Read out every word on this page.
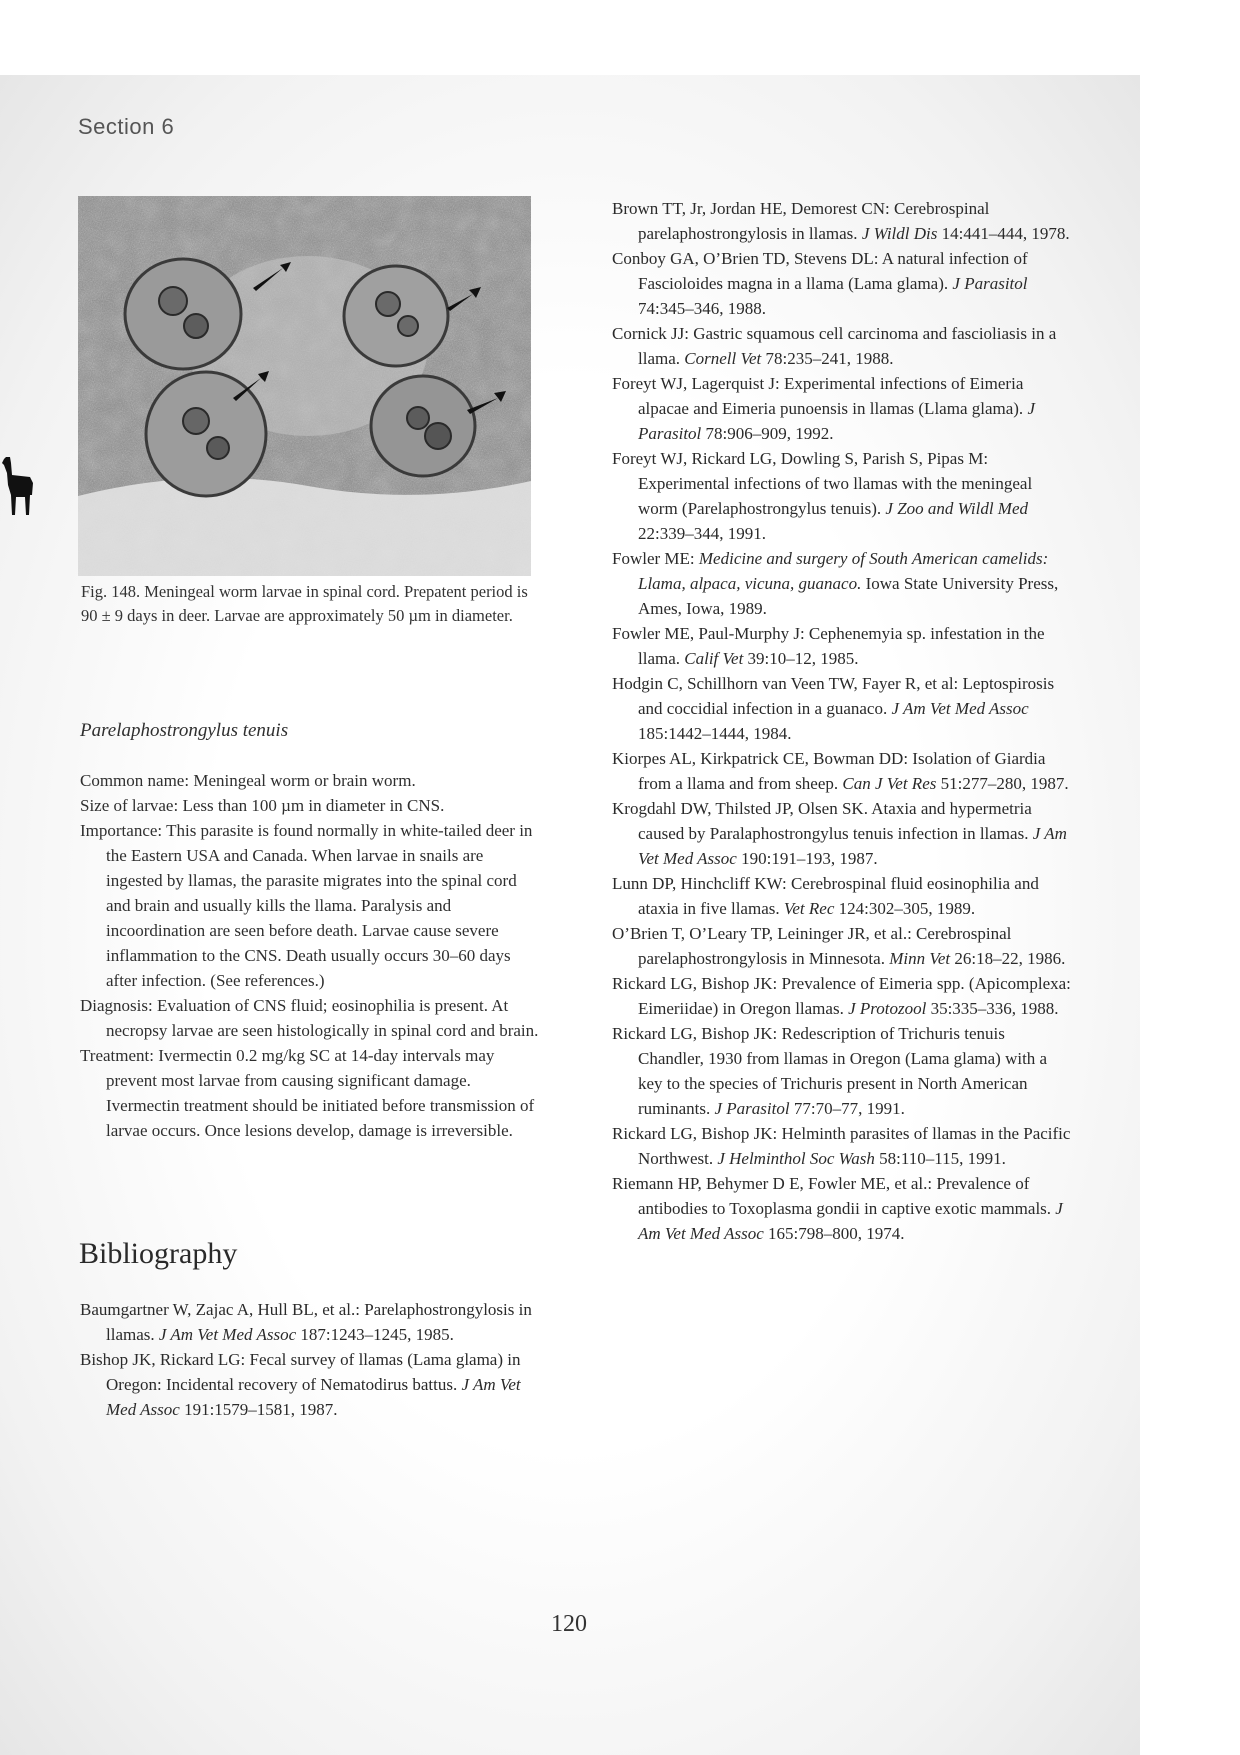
Section 6
Fig. 148. Meningeal worm larvae in spinal cord. Prepatent period is 90 ± 9 days in deer. Larvae are approximately 50 µm in diameter.
Parelaphostrongylus tenuis

Common name: Meningeal worm or brain worm.

Size of larvae: Less than 100 µm in diameter in CNS.

Importance: This parasite is found normally in white-tailed deer in the Eastern USA and Canada. When larvae in snails are ingested by llamas, the parasite migrates into the spinal cord and brain and usually kills the llama. Paralysis and incoordination are seen before death. Larvae cause severe inflammation to the CNS. Death usually occurs 30–60 days after infection. (See references.)

Diagnosis: Evaluation of CNS fluid; eosinophilia is present. At necropsy larvae are seen histologically in spinal cord and brain.

Treatment: Ivermectin 0.2 mg/kg SC at 14-day intervals may prevent most larvae from causing significant damage. Ivermectin treatment should be initiated before transmission of larvae occurs. Once lesions develop, damage is irreversible.

Bibliography

Baumgartner W, Zajac A, Hull BL, et al.: Parelaphostrongylosis in llamas. J Am Vet Med Assoc 187:1243–1245, 1985.

Bishop JK, Rickard LG: Fecal survey of llamas (Lama glama) in Oregon: Incidental recovery of Nematodirus battus. J Am Vet Med Assoc 191:1579–1581, 1987.

Brown TT, Jr, Jordan HE, Demorest CN: Cerebrospinal parelaphostrongylosis in llamas. J Wildl Dis 14:441–444, 1978.

Conboy GA, O’Brien TD, Stevens DL: A natural infection of Fascioloides magna in a llama (Lama glama). J Parasitol 74:345–346, 1988.

Cornick JJ: Gastric squamous cell carcinoma and fascioliasis in a llama. Cornell Vet 78:235–241, 1988.

Foreyt WJ, Lagerquist J: Experimental infections of Eimeria alpacae and Eimeria punoensis in llamas (Llama glama). J Parasitol 78:906–909, 1992.

Foreyt WJ, Rickard LG, Dowling S, Parish S, Pipas M: Experimental infections of two llamas with the meningeal worm (Parelaphostrongylus tenuis). J Zoo and Wildl Med 22:339–344, 1991.

Fowler ME: Medicine and surgery of South American camelids: Llama, alpaca, vicuna, guanaco. Iowa State University Press, Ames, Iowa, 1989.

Fowler ME, Paul-Murphy J: Cephenemyia sp. infestation in the llama. Calif Vet 39:10–12, 1985.

Hodgin C, Schillhorn van Veen TW, Fayer R, et al: Leptospirosis and coccidial infection in a guanaco. J Am Vet Med Assoc 185:1442–1444, 1984.

Kiorpes AL, Kirkpatrick CE, Bowman DD: Isolation of Giardia from a llama and from sheep. Can J Vet Res 51:277–280, 1987.

Krogdahl DW, Thilsted JP, Olsen SK. Ataxia and hypermetria caused by Paralaphostrongylus tenuis infection in llamas. J Am Vet Med Assoc 190:191–193, 1987.

Lunn DP, Hinchcliff KW: Cerebrospinal fluid eosinophilia and ataxia in five llamas. Vet Rec 124:302–305, 1989.

O’Brien T, O’Leary TP, Leininger JR, et al.: Cerebrospinal parelaphostrongylosis in Minnesota. Minn Vet 26:18–22, 1986.

Rickard LG, Bishop JK: Prevalence of Eimeria spp. (Apicomplexa: Eimeriidae) in Oregon llamas. J Protozool 35:335–336, 1988.

Rickard LG, Bishop JK: Redescription of Trichuris tenuis Chandler, 1930 from llamas in Oregon (Lama glama) with a key to the species of Trichuris present in North American ruminants. J Parasitol 77:70–77, 1991.

Rickard LG, Bishop JK: Helminth parasites of llamas in the Pacific Northwest. J Helminthol Soc Wash 58:110–115, 1991.

Riemann HP, Behymer D E, Fowler ME, et al.: Prevalence of antibodies to Toxoplasma gondii in captive exotic mammals. J Am Vet Med Assoc 165:798–800, 1974.

120
